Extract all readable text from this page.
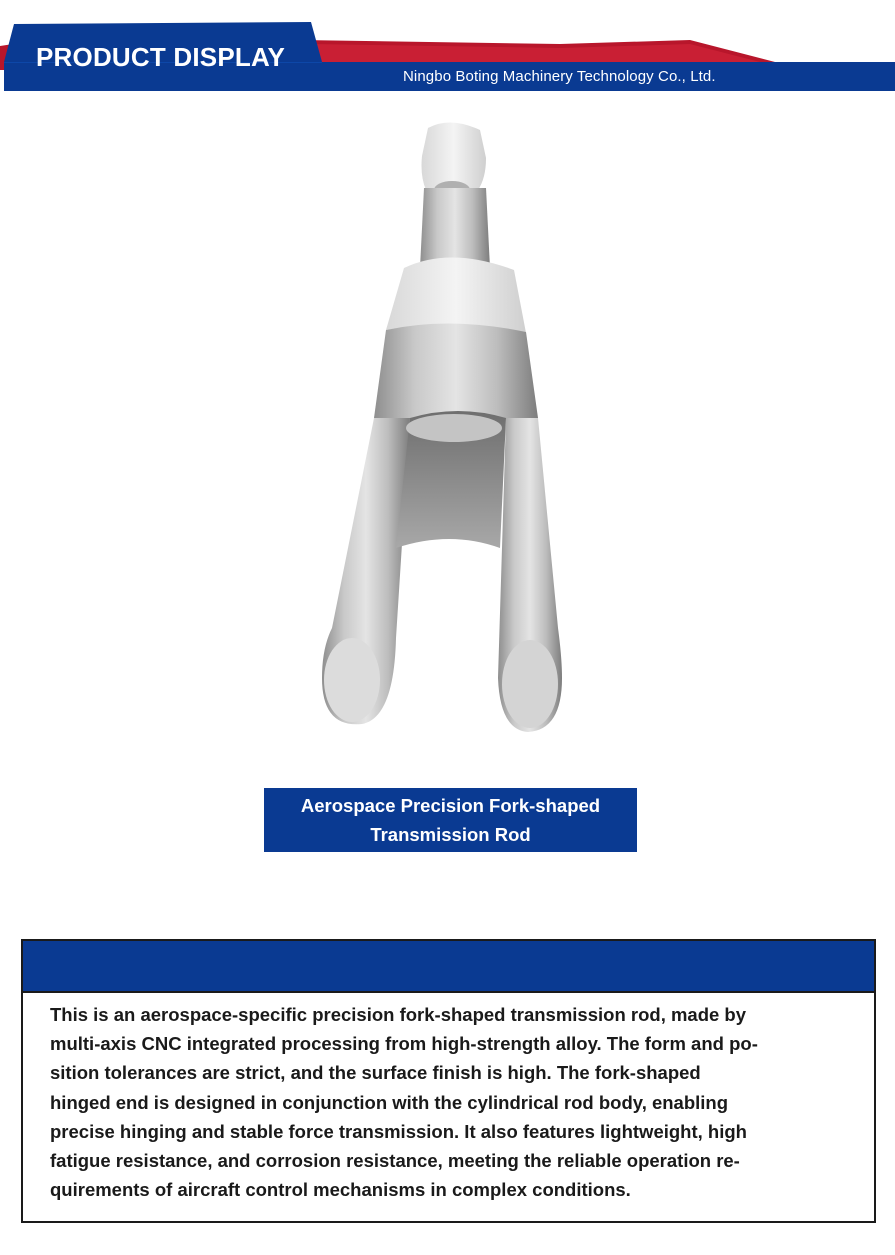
PRODUCT DISPLAY
Ningbo Boting Machinery Technology Co., Ltd.
Aerospace Precision Fork-shaped
Transmission Rod
This is an aerospace-specific precision fork-shaped transmission rod, made by
multi-axis CNC integrated processing from high-strength alloy. The form and po-
sition tolerances are strict, and the surface finish is high. The fork-shaped
hinged end is designed in conjunction with the cylindrical rod body, enabling
precise hinging and stable force transmission. It also features lightweight, high
fatigue resistance, and corrosion resistance, meeting the reliable operation re-
quirements of aircraft control mechanisms in complex conditions.
